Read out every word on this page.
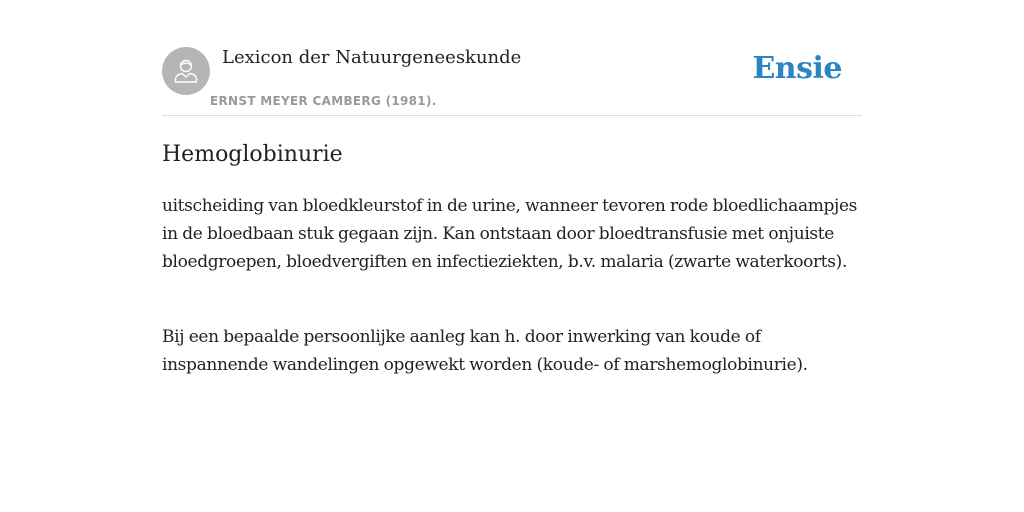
Lexicon der Natuurgeneeskunde
ERNST MEYER CAMBERG (1981).
Ensie
Hemoglobinurie

uitscheiding van bloedkleurstof in de urine, wanneer tevoren rode bloedlichaampjes in de bloedbaan stuk gegaan zijn. Kan ontstaan door bloedtransfusie met onjuiste bloedgroepen, bloedvergiften en infectieziekten, b.v. malaria (zwarte waterkoorts).

Bij een bepaalde persoonlijke aanleg kan h. door inwerking van koude of inspannende wandelingen opgewekt worden (koude- of marshemoglobinurie).
